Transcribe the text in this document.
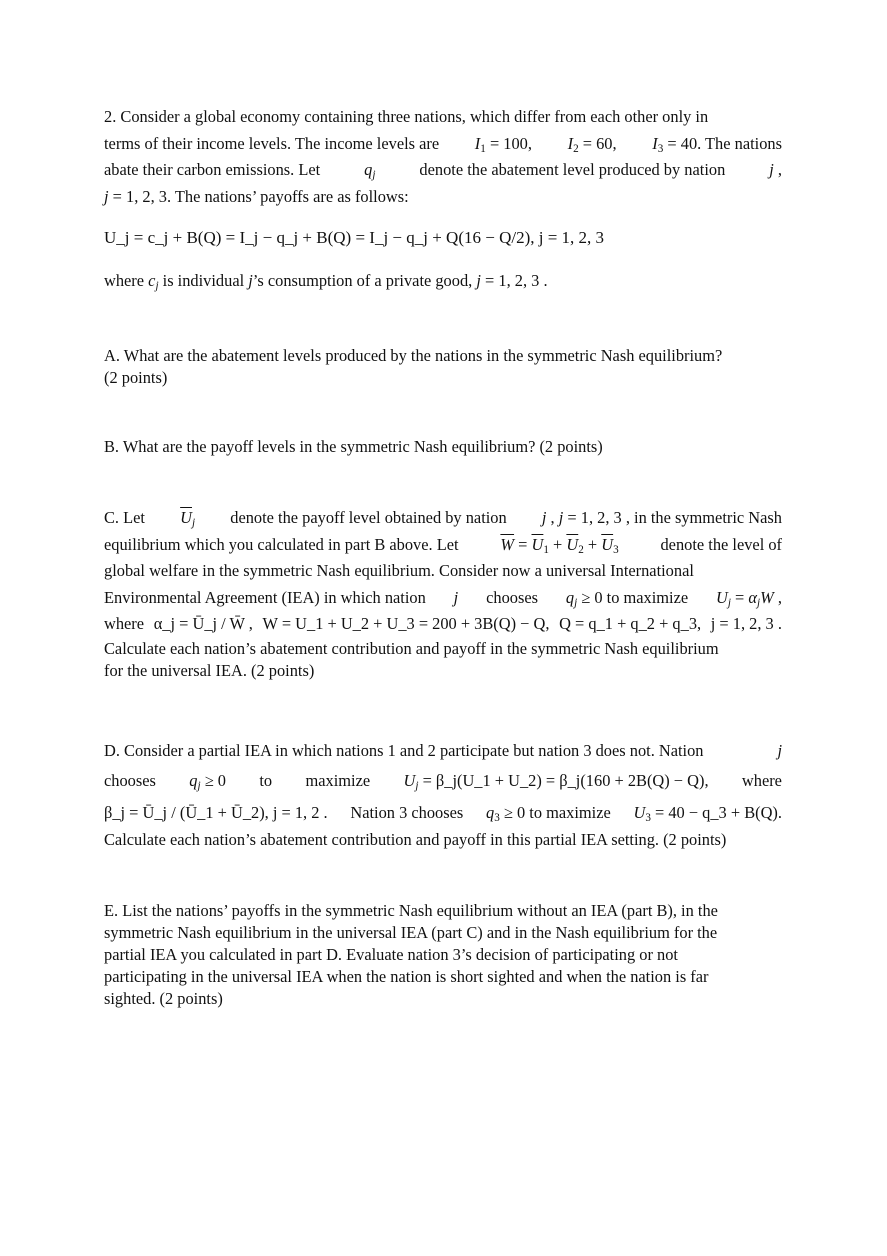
2. Consider a global economy containing three nations, which differ from each other only in
terms of their income levels. The income levels are $I_1 = 100$, $I_2 = 60$, $I_3 = 40$. The nations
abate their carbon emissions. Let	$q_j$	denote the abatement level produced by nation	j ,
j = 1, 2, 3. The nations’ payoffs are as follows:
U_j = c_j + B(Q) = I_j − q_j + B(Q) = I_j − q_j + Q(16 − Q/2), j = 1, 2, 3
where $c_j$ is individual j’s consumption of a private good, j = 1, 2, 3 .
A. What are the abatement levels produced by the nations in the symmetric Nash equilibrium?
(2 points)
B. What are the payoff levels in the symmetric Nash equilibrium? (2 points)
C. Let $\overline{U}_j$ denote the payoff level obtained by nation j , j = 1, 2, 3 , in the symmetric Nash
equilibrium which you calculated in part B above. Let	$\overline{W} = \overline{U}_1 + \overline{U}_2 + \overline{U}_3$	denote the level of
global welfare in the symmetric Nash equilibrium. Consider now a universal International
Environmental Agreement (IEA) in which nation j chooses $q_j \ge 0$ to maximize $U_j = \alpha_jW$ ,
where α_j = Ū_j / W̄ , W = U_1 + U_2 + U_3 = 200 + 3B(Q) − Q, Q = q_1 + q_2 + q_3, j = 1, 2, 3 .
Calculate each nation’s abatement contribution and payoff in the symmetric Nash equilibrium
for the universal IEA. (2 points)
D. Consider a partial IEA in which nations 1 and 2 participate but nation 3 does not. Nation	j
chooses $q_j \ge 0$ to maximize $U_j$ = β_j(U_1 + U_2) = β_j(160 + 2B(Q) − Q), where
β_j = Ū_j / (Ū_1 + Ū_2), j = 1, 2 . Nation 3 chooses $q_3 \ge 0$ to maximize $U_3 = 40$ − q_3 + B(Q).
Calculate each nation’s abatement contribution and payoff in this partial IEA setting. (2 points)
E. List the nations’ payoffs in the symmetric Nash equilibrium without an IEA (part B), in the
symmetric Nash equilibrium in the universal IEA (part C) and in the Nash equilibrium for the
partial IEA you calculated in part D. Evaluate nation 3’s decision of participating or not
participating in the universal IEA when the nation is short sighted and when the nation is far
sighted. (2 points)
